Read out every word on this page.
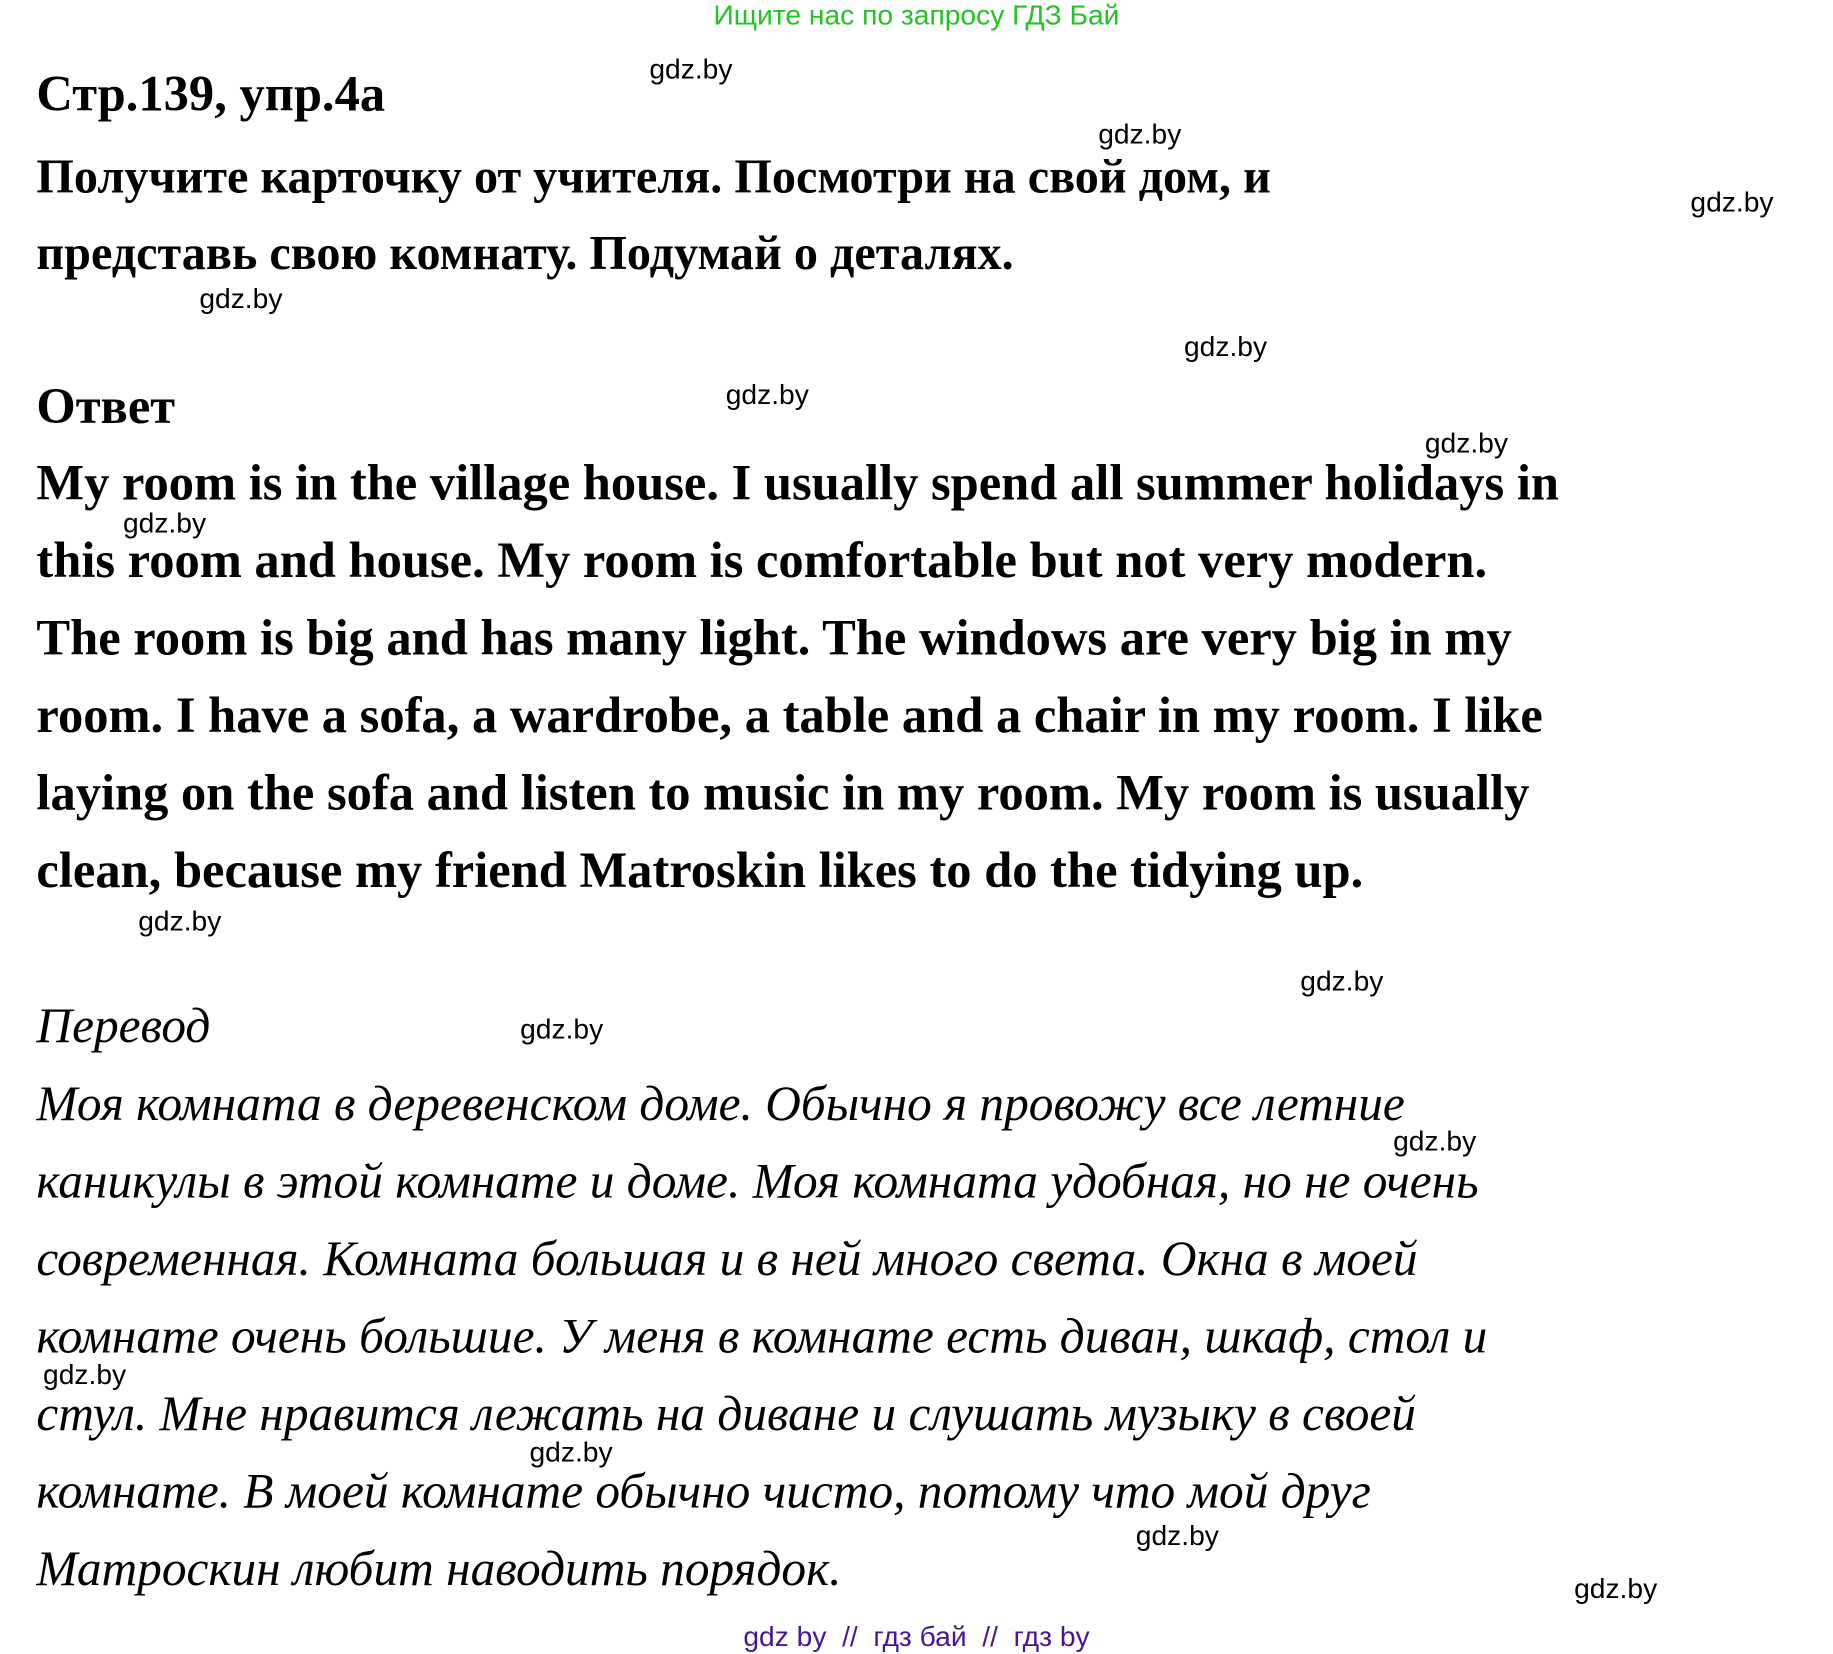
Ищите нас по запросу ГДЗ Бай
Стр.139, упр.4а
Получите карточку от учителя. Посмотри на свой дом, и
представь свою комнату. Подумай о деталях.
Ответ
My room is in the village house. I usually spend all summer holidays in
this room and house. My room is comfortable but not very modern.
The room is big and has many light. The windows are very big in my
room. I have a sofa, a wardrobe, a table and a chair in my room. I like
laying on the sofa and listen to music in my room. My room is usually
clean, because my friend Matroskin likes to do the tidying up.
Перевод
Моя комната в деревенском доме. Обычно я провожу все летние
каникулы в этой комнате и доме. Моя комната удобная, но не очень
современная. Комната большая и в ней много света. Окна в моей
комнате очень большие. У меня в комнате есть диван, шкаф, стол и
стул. Мне нравится лежать на диване и слушать музыку в своей
комнате. В моей комнате обычно чисто, потому что мой друг
Матроскин любит наводить порядок.
gdz.by
gdz.by
gdz.by
gdz.by
gdz.by
gdz.by
gdz.by
gdz.by
gdz.by
gdz.by
gdz.by
gdz.by
gdz.by
gdz.by
gdz.by
gdz.by
gdz by  //  гдз бай  //  гдз by
